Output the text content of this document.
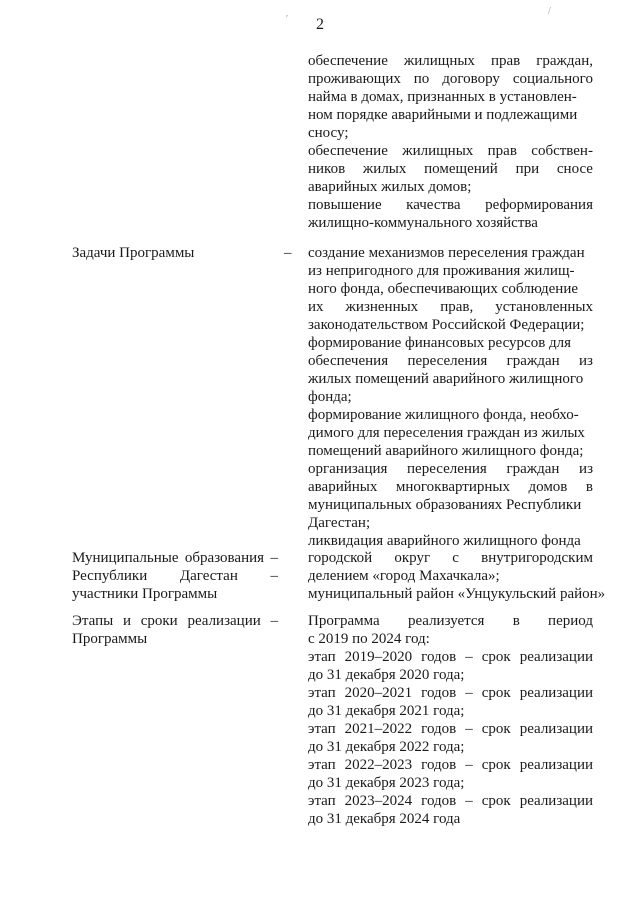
2
′
/
обеспечение жилищных прав граждан,
проживающих по договору социального
найма в домах, признанных в установлен-
ном порядке аварийными и подлежащими
сносу;
обеспечение жилищных прав собствен-
ников жилых помещений при сносе
аварийных жилых домов;
повышение качества реформирования
жилищно-коммунального хозяйства
Задачи Программы	– создание механизмов переселения граждан
из непригодного для проживания жилищ-
ного фонда, обеспечивающих соблюдение
их жизненных прав, установленных
законодательством Российской Федерации;
формирование финансовых ресурсов для
обеспечения переселения граждан из
жилых помещений аварийного жилищного
фонда;
формирование жилищного фонда, необхо-
димого для переселения граждан из жилых
помещений аварийного жилищного фонда;
организация переселения граждан из
аварийных многоквартирных домов в
муниципальных образованиях Республики
Дагестан;
ликвидация аварийного жилищного фонда
Муниципальные образования –
Республики Дагестан –
участники Программы
городской округ с внутригородским
делением «город Махачкала»;
муниципальный район «Унцукульский район»
Этапы и сроки реализации –
Программы
Программа реализуется в период
с 2019 по 2024 год:
этап 2019–2020 годов – срок реализации
до 31 декабря 2020 года;
этап 2020–2021 годов – срок реализации
до 31 декабря 2021 года;
этап 2021–2022 годов – срок реализации
до 31 декабря 2022 года;
этап 2022–2023 годов – срок реализации
до 31 декабря 2023 года;
этап 2023–2024 годов – срок реализации
до 31 декабря 2024 года
